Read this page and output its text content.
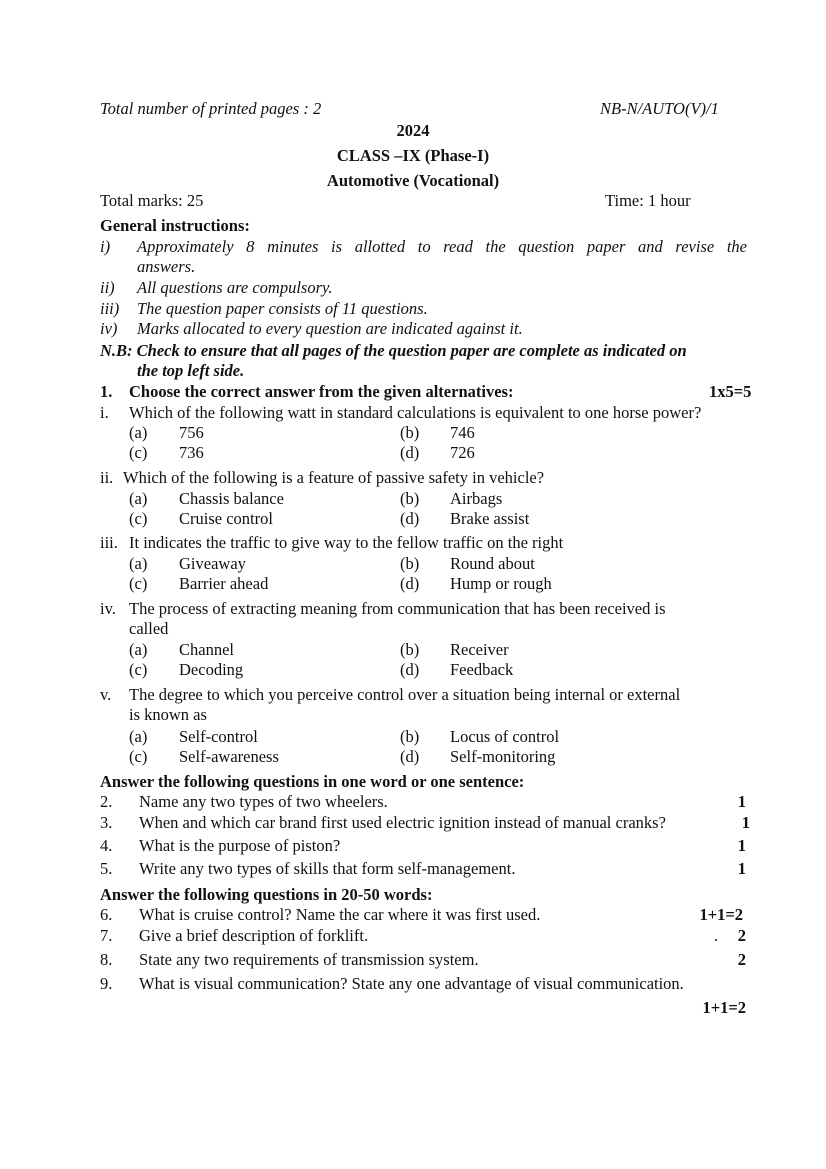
Total number of printed pages : 2	NB-N/AUTO(V)/1
2024
CLASS –IX (Phase-I)
Automotive (Vocational)
Total marks: 25	Time: 1 hour
General instructions:
i) Approximately 8 minutes is allotted to read the question paper and revise the
answers.
ii) All questions are compulsory.
iii) The question paper consists of 11 questions.
iv) Marks allocated to every question are indicated against it.
N.B: Check to ensure that all pages of the question paper are complete as indicated on
the top left side.
1. Choose the correct answer from the given alternatives:	1x5=5
i. Which of the following watt in standard calculations is equivalent to one horse power?
(a) 756	(b) 746
(c) 736	(d) 726
ii. Which of the following is a feature of passive safety in vehicle?
(a) Chassis balance	(b) Airbags
(c) Cruise control	(d) Brake assist
iii. It indicates the traffic to give way to the fellow traffic on the right
(a) Giveaway	(b) Round about
(c) Barrier ahead	(d) Hump or rough
iv. The process of extracting meaning from communication that has been received is
called
(a) Channel	(b) Receiver
(c) Decoding	(d) Feedback
v. The degree to which you perceive control over a situation being internal or external
is known as
(a) Self-control	(b) Locus of control
(c) Self-awareness	(d) Self-monitoring
Answer the following questions in one word or one sentence:
2. Name any two types of two wheelers.	1
3. When and which car brand first used electric ignition instead of manual cranks?	1
4. What is the purpose of piston?	1
5. Write any two types of skills that form self-management.	1
Answer the following questions in 20-50 words:
6. What is cruise control? Name the car where it was first used.	1+1=2
7. Give a brief description of forklift.	.	2
8. State any two requirements of transmission system.	2
9. What is visual communication? State any one advantage of visual communication.
1+1=2
